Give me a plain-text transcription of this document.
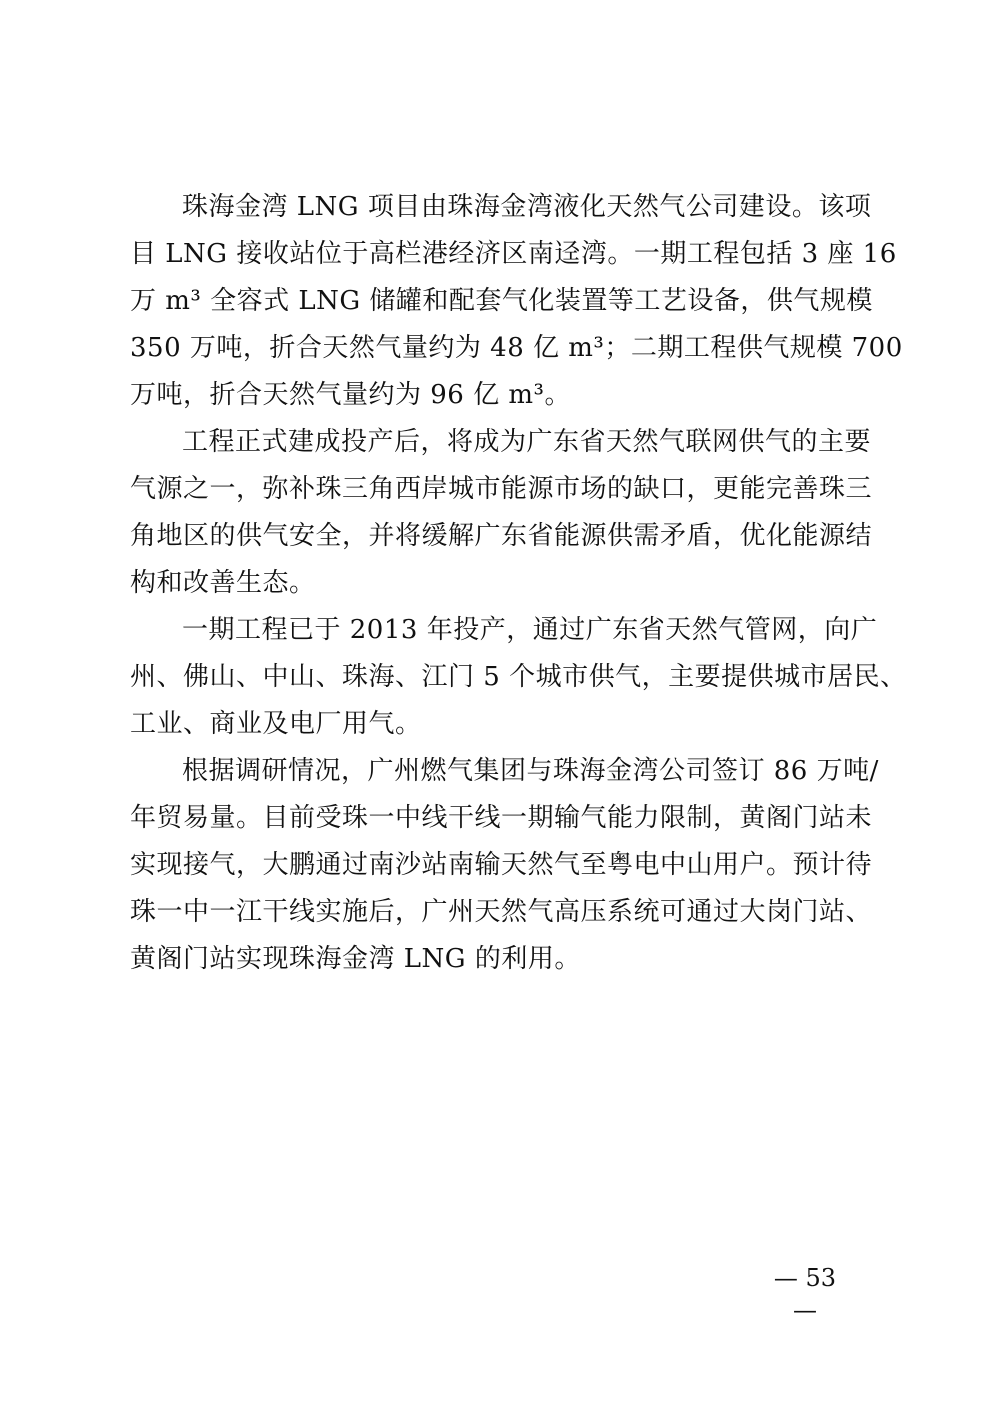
珠海金湾 LNG 项目由珠海金湾液化天然气公司建设。该项

目 LNG 接收站位于高栏港经济区南迳湾。一期工程包括 3 座 16

万 m³ 全容式 LNG 储罐和配套气化装置等工艺设备，供气规模

350 万吨，折合天然气量约为 48 亿 m³；二期工程供气规模 700

万吨，折合天然气量约为 96 亿 m³。

工程正式建成投产后，将成为广东省天然气联网供气的主要

气源之一，弥补珠三角西岸城市能源市场的缺口，更能完善珠三

角地区的供气安全，并将缓解广东省能源供需矛盾，优化能源结

构和改善生态。

一期工程已于 2013 年投产，通过广东省天然气管网，向广

州、佛山、中山、珠海、江门 5 个城市供气，主要提供城市居民、

工业、商业及电厂用气。

根据调研情况，广州燃气集团与珠海金湾公司签订 86 万吨/

年贸易量。目前受珠一中线干线一期输气能力限制，黄阁门站未

实现接气，大鹏通过南沙站南输天然气至粤电中山用户。预计待

珠一中一江干线实施后，广州天然气高压系统可通过大岗门站、

黄阁门站实现珠海金湾 LNG 的利用。

— 53 —
